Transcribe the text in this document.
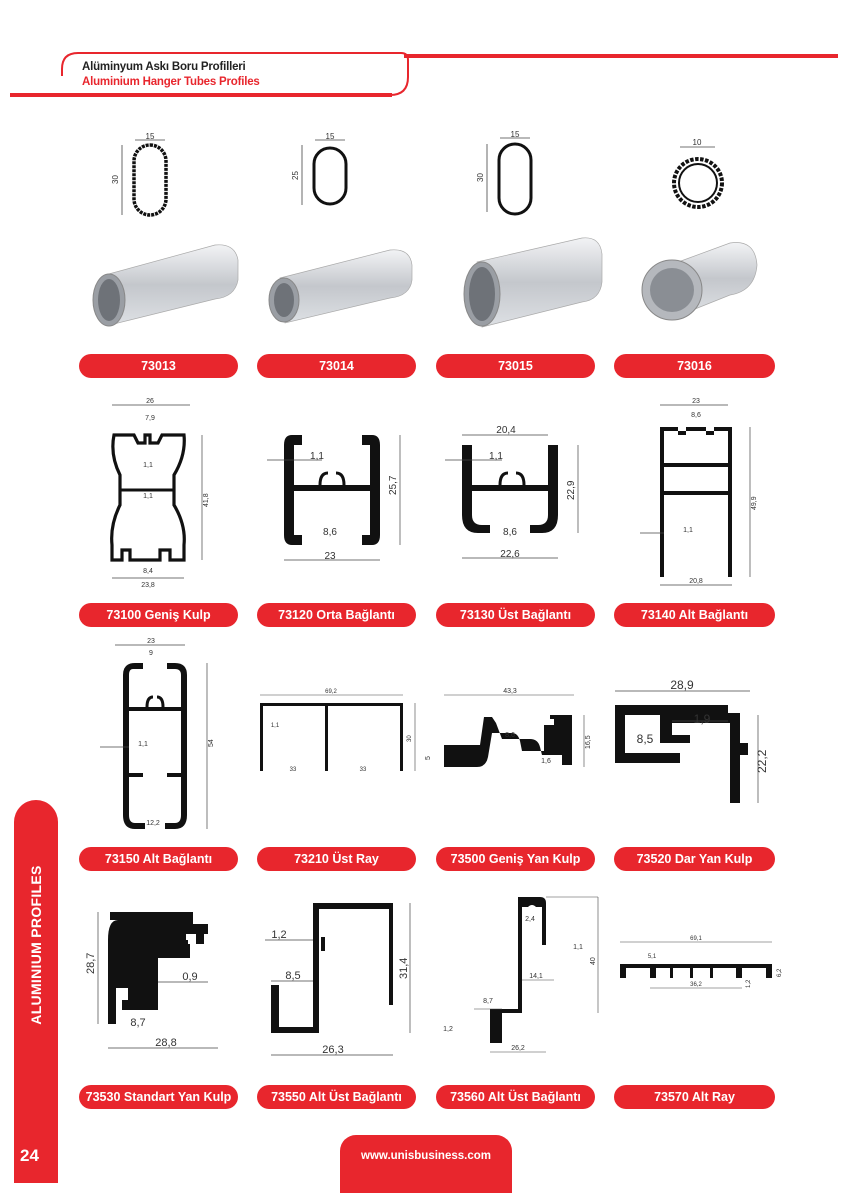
Alüminyum Askı Boru Profilleri
Aluminium Hanger Tubes Profiles
15
30
15
25
15
30
10
73013	73014	73015	73016
26
7,9
1,1
1,1	41,8
8,4
23,8
1,1
25,7
8,6
23
20,4
1,1
22,9
8,6
22,6
23
8,6
49,9
1,1
20,8
73100 Geniş Kulp	73120 Orta Bağlantı	73130 Üst Bağlantı	73140 Alt Bağlantı
23
9
1,1	54
12,2
69,2
1,1
30
33	33
43,3
8,6	16,5
5	1,6
28,9
1,9
8,5
22,2
73150 Alt Bağlantı	73210 Üst Ray	73500 Geniş Yan Kulp	73520 Dar Yan Kulp
28,7
0,9
8,7
28,8
1,2
8,5	31,4
26,3
2,4
40
1,1
14,1
8,7
1,2
26,2
69,1
5,1
1,2
36,2
6,2
73530 Standart Yan Kulp	73550 Alt Üst Bağlantı	73560 Alt Üst Bağlantı	73570 Alt Ray
ALUMINIUM PROFILES
24	www.unisbusiness.com
